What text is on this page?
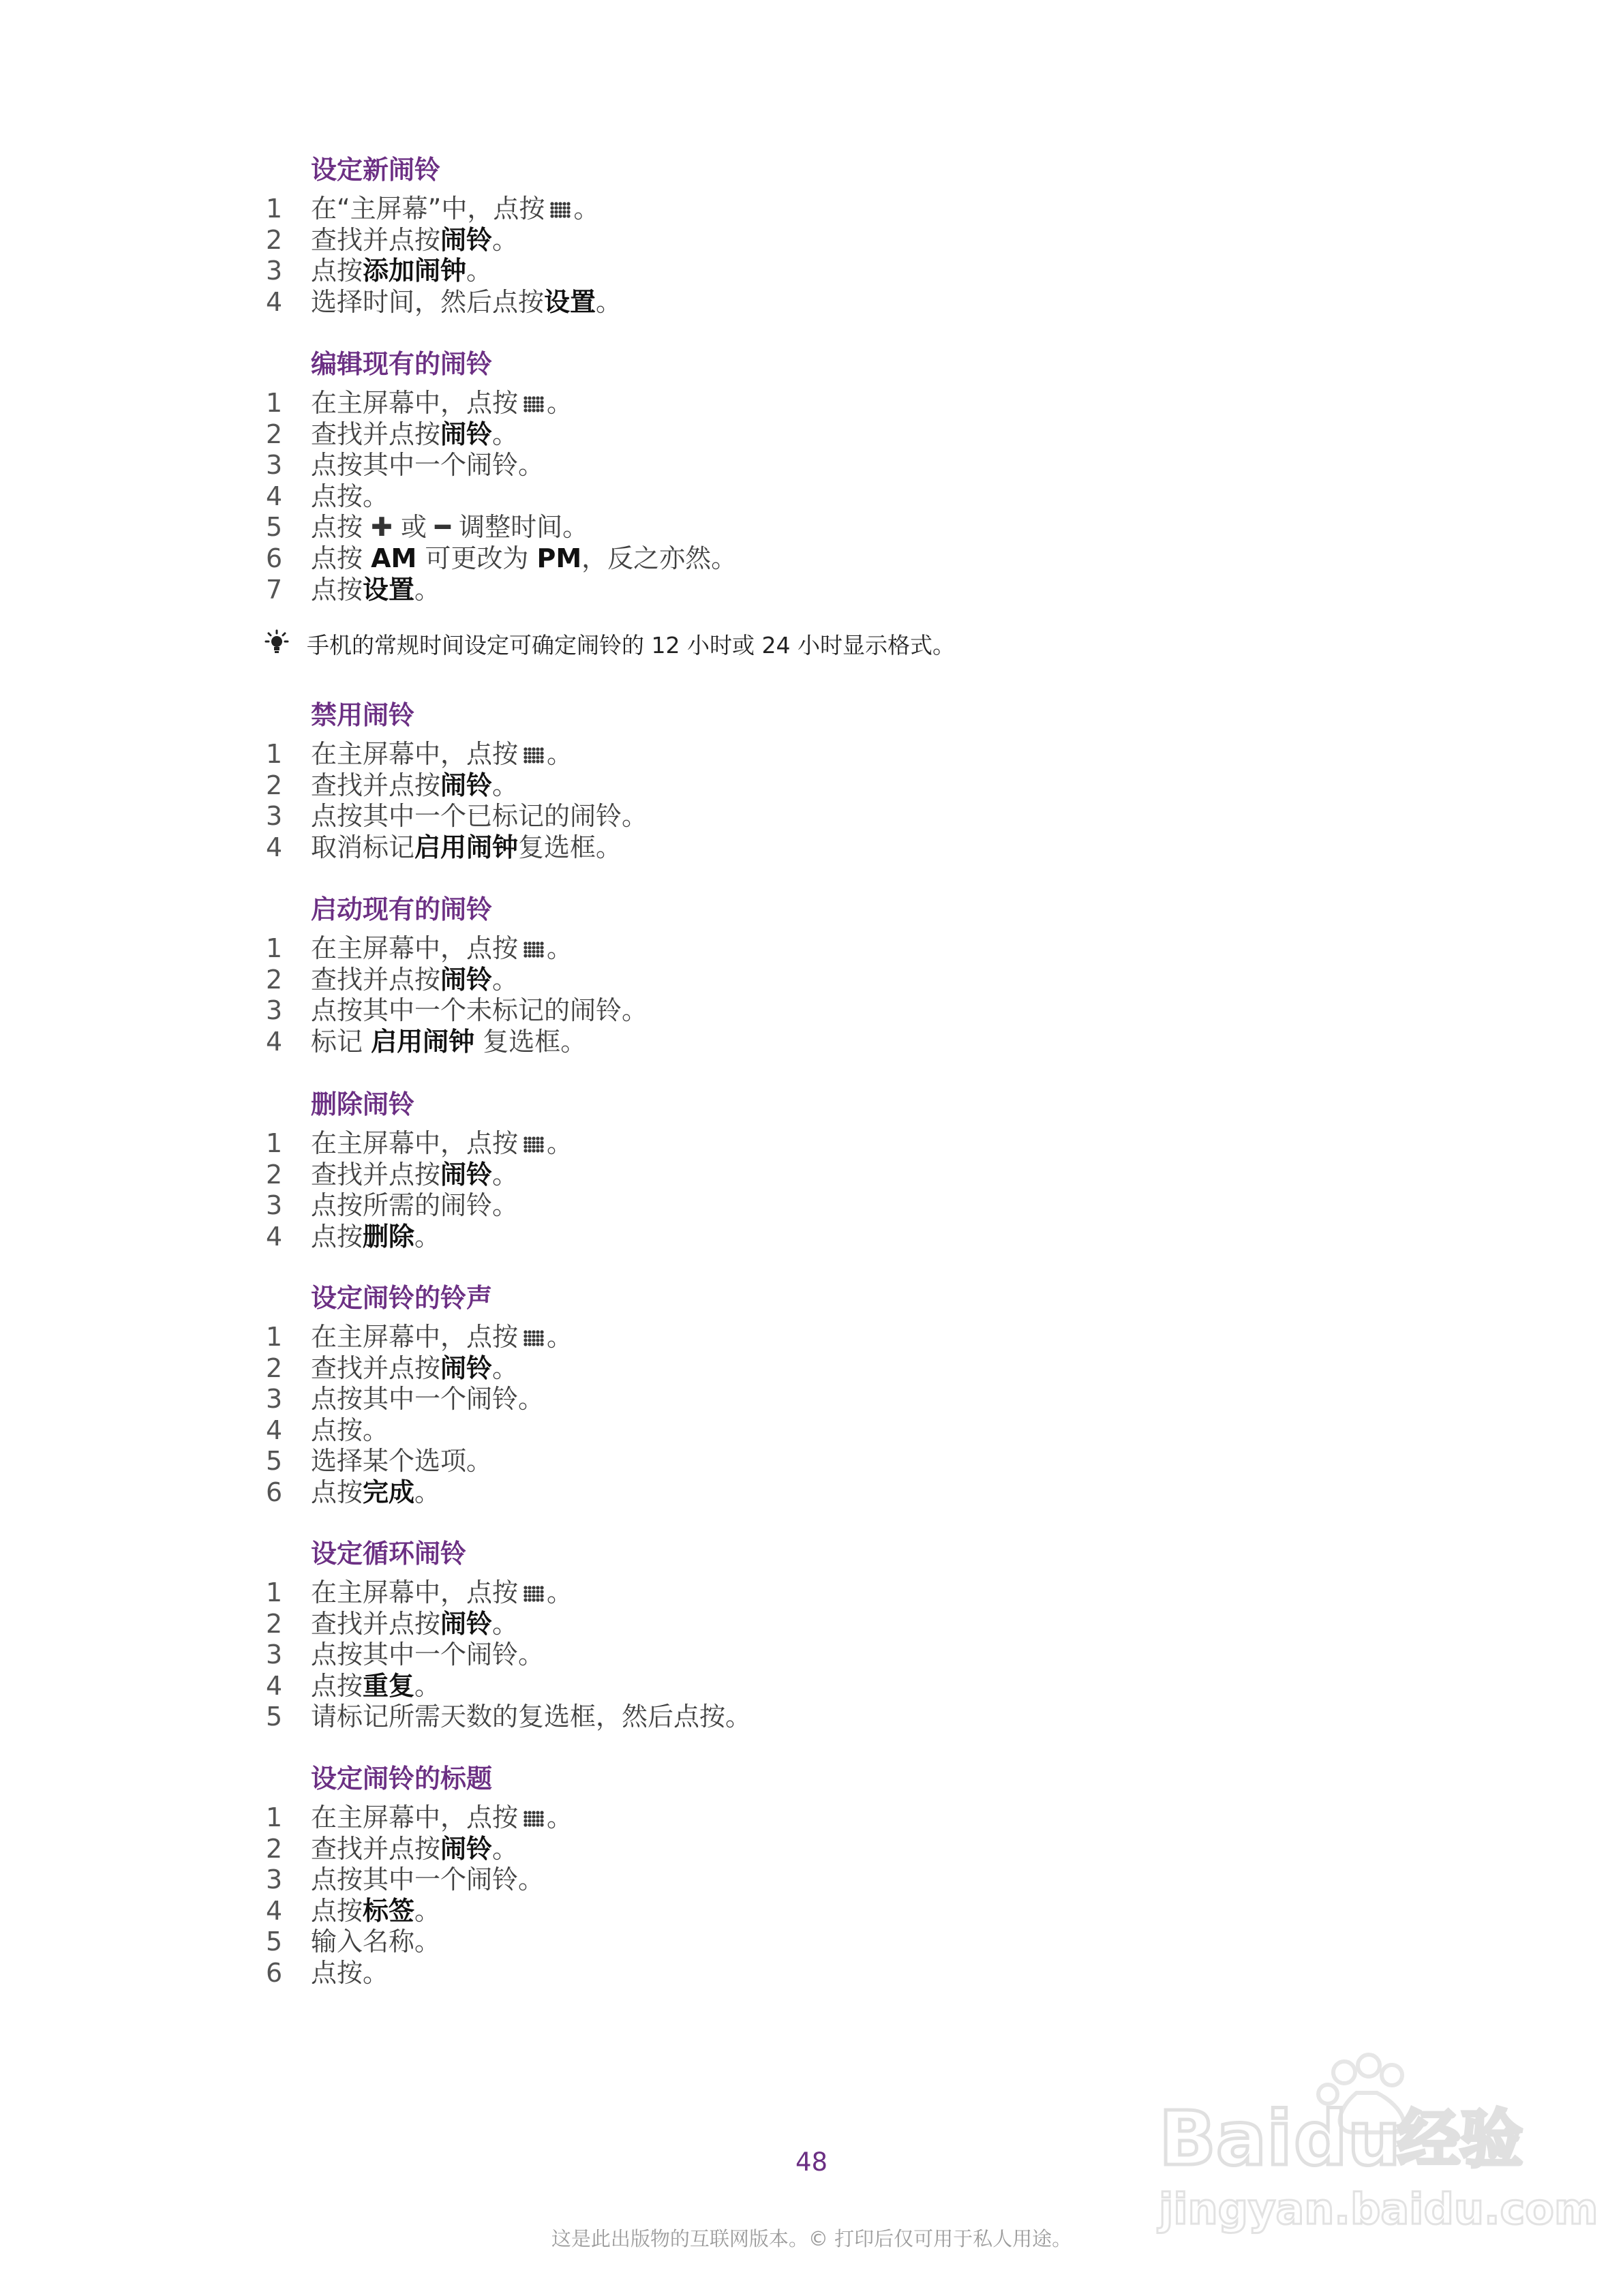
设定新闹铃
1 在“主屏幕”中，点按 。
2 查找并点按闹铃。
3 点按添加闹钟。
4 选择时间，然后点按设置。
编辑现有的闹铃
1 在主屏幕中，点按 。
2 查找并点按闹铃。
3 点按其中一个闹铃。
4 点按。
5 点按 ✚ 或 ━ 调整时间。
6 点按 AM 可更改为 PM，反之亦然。
7 点按设置。
禁用闹铃
1 在主屏幕中，点按 。
2 查找并点按闹铃。
3 点按其中一个已标记的闹铃。
4 取消标记启用闹钟复选框。
启动现有的闹铃
1 在主屏幕中，点按 。
2 查找并点按闹铃。
3 点按其中一个未标记的闹铃。
4 标记 启用闹钟 复选框。
删除闹铃
1 在主屏幕中，点按 。
2 查找并点按闹铃。
3 点按所需的闹铃。
4 点按删除。
设定闹铃的铃声
1 在主屏幕中，点按 。
2 查找并点按闹铃。
3 点按其中一个闹铃。
4 点按。
5 选择某个选项。
6 点按完成。
设定循环闹铃
1 在主屏幕中，点按 。
2 查找并点按闹铃。
3 点按其中一个闹铃。
4 点按重复。
5 请标记所需天数的复选框，然后点按。
设定闹铃的标题
1 在主屏幕中，点按 。
2 查找并点按闹铃。
3 点按其中一个闹铃。
4 点按标签。
5 输入名称。
6 点按。
手机的常规时间设定可确定闹铃的 12 小时或 24 小时显示格式。
48
这是此出版物的互联网版本。© 打印后仅可用于私人用途。
Bai du
经验
jingyan.baidu.com
